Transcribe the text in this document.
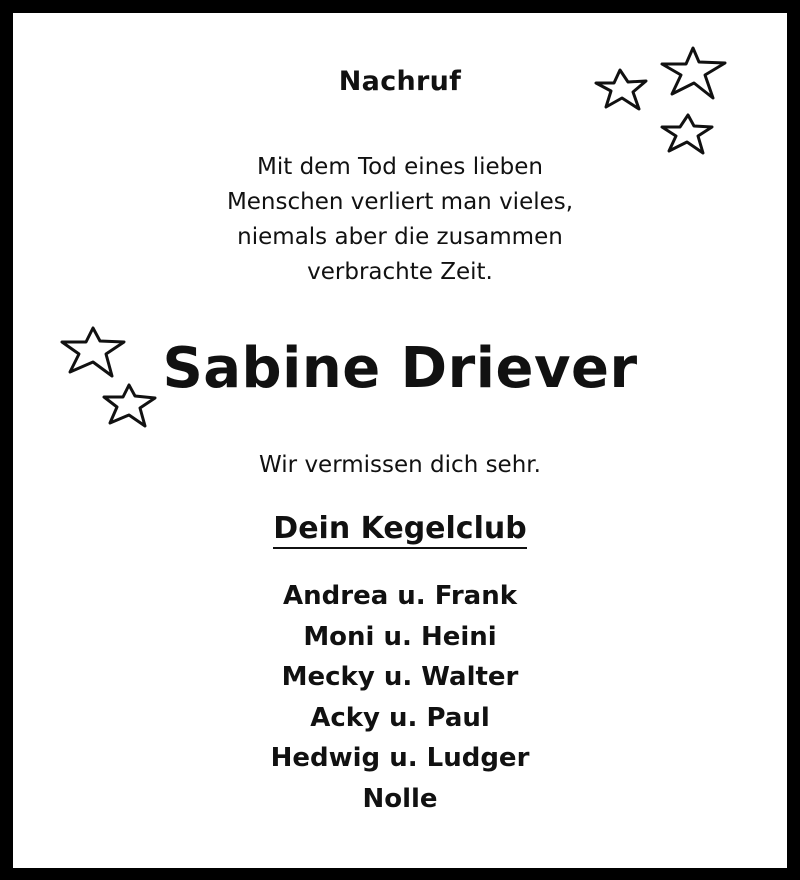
Nachruf
Mit dem Tod eines lieben
Menschen verliert man vieles,
niemals aber die zusammen
verbrachte Zeit.
Sabine Driever
Wir vermissen dich sehr.
Dein Kegelclub
Andrea u. Frank
Moni u. Heini
Mecky u. Walter
Acky u. Paul
Hedwig u. Ludger
Nolle
